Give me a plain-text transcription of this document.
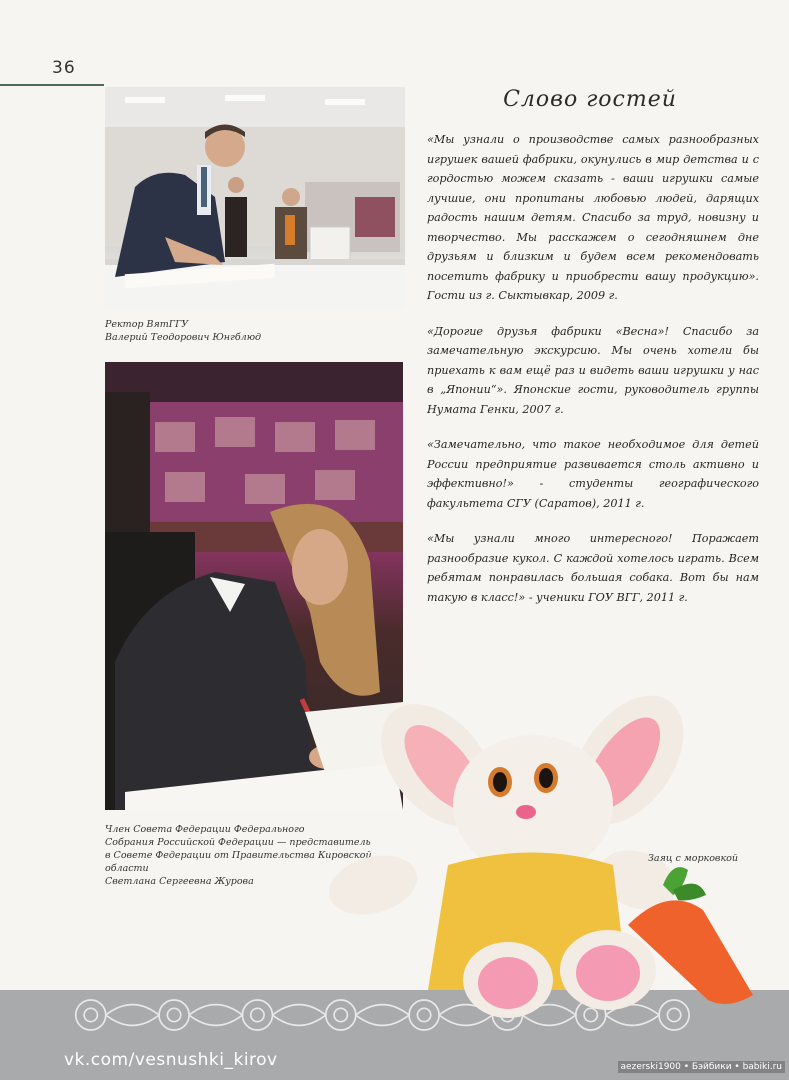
36
Ректор ВятГГУ
Валерий Теодорович Юнгблюд
Член Совета Федерации Федерального
Собрания Российской Федерации — представитель
в Совете Федерации от Правительства Кировской области
Светлана Сергеевна Журова
Слово гостей

«Мы узнали о производстве самых разнообразных игрушек вашей фабрики, окунулись в мир детства и с гордостью можем сказать - ваши игрушки самые лучшие, они пропитаны любовью людей, дарящих радость нашим детям. Спасибо за труд, новизну и творчество. Мы расскажем о сегодняшнем дне друзьям и близким и будем всем рекомендовать посетить фабрику и приобрести вашу продукцию». Гости из г. Сыктывкар, 2009 г.

«Дорогие друзья фабрики «Весна»! Спасибо за замечательную экскурсию. Мы очень хотели бы приехать к вам ещё раз и видеть ваши игрушки у нас в „Японии“». Японские гости, руководитель группы Нумата Генки, 2007 г.

«Замечательно, что такое необходимое для детей России предприятие развивается столь активно и эффективно!» - студенты географического факультета СГУ (Саратов), 2011 г.

«Мы узнали много интересного! Поражает разнообразие кукол. С каждой хотелось играть. Всем ребятам понравилась большая собака. Вот бы нам такую в класс!» - ученики ГОУ ВГГ, 2011 г.

vk.com/vesnushki_kirov	aezerski1900 • Бэйбики • babiki.ru
Заяц с морковкой
